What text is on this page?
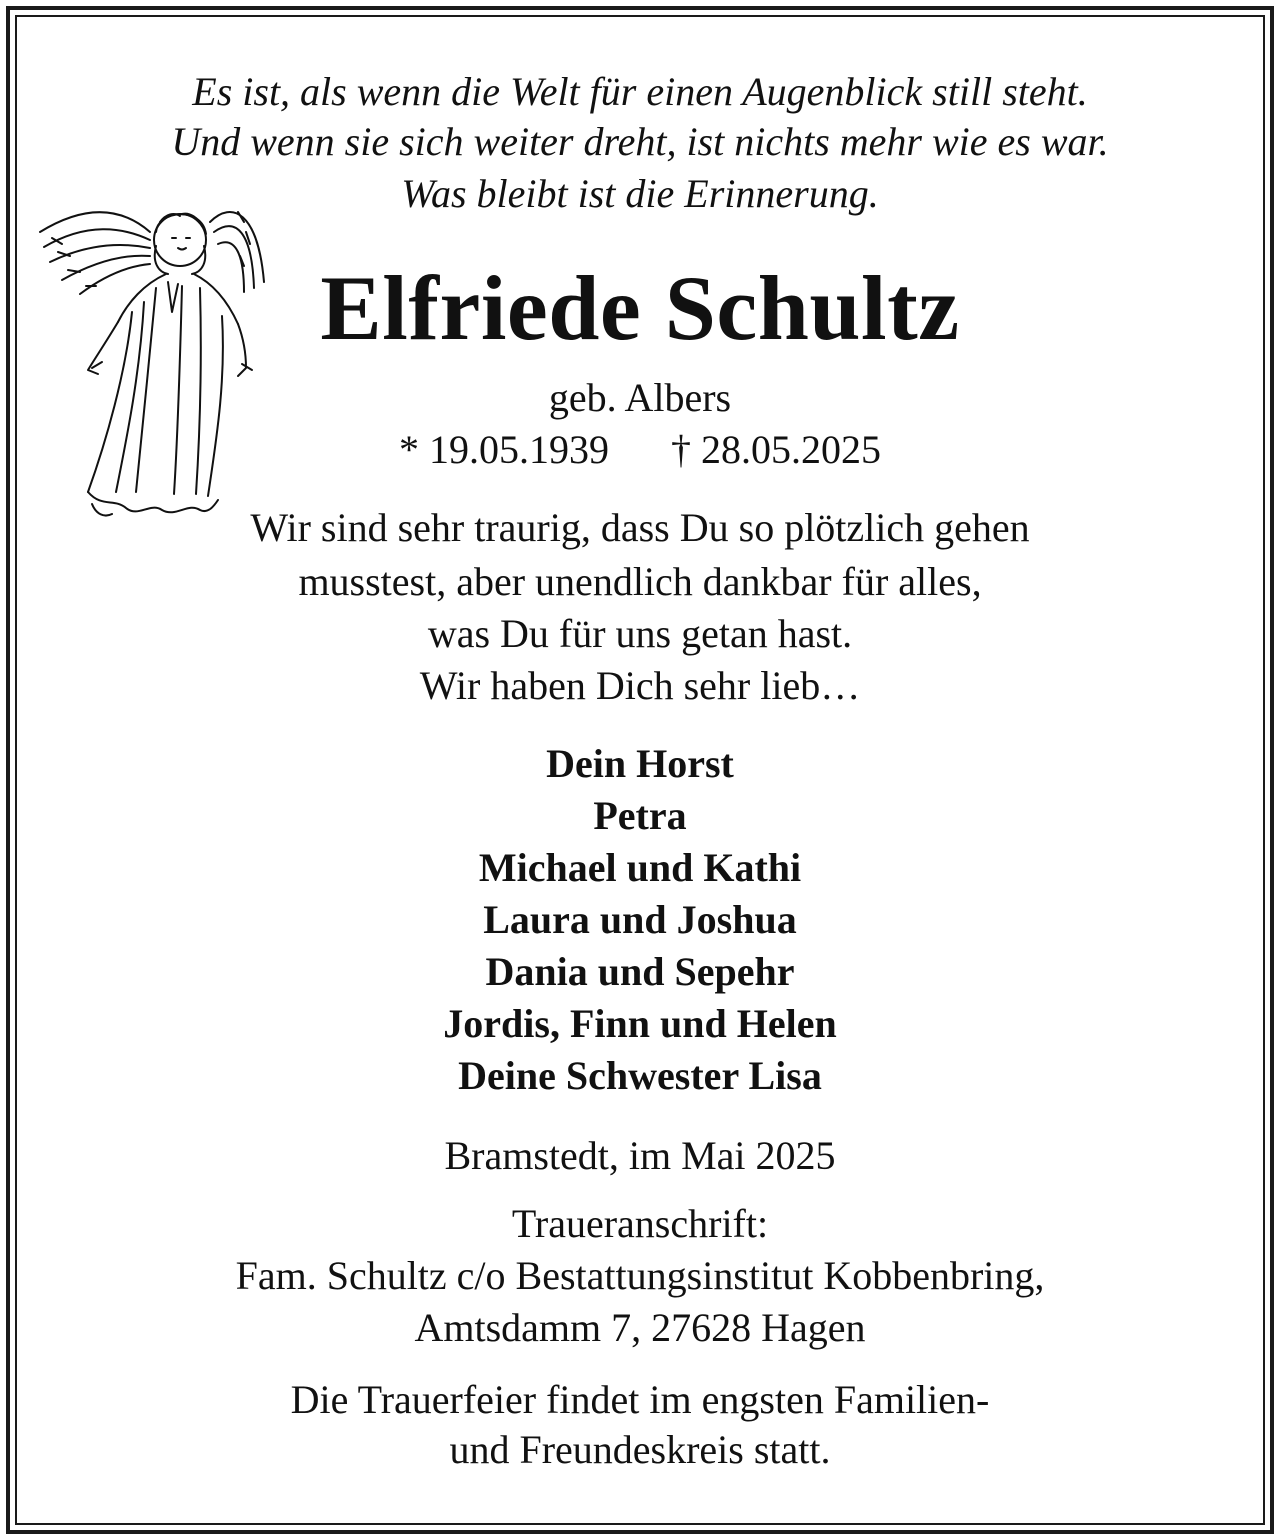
Es ist, als wenn die Welt für einen Augenblick still steht.

Und wenn sie sich weiter dreht, ist nichts mehr wie es war.

Was bleibt ist die Erinnerung.

Elfriede Schultz

geb. Albers

* 19.05.1939 † 28.05.2025

Wir sind sehr traurig, dass Du so plötzlich gehen

musstest, aber unendlich dankbar für alles,

was Du für uns getan hast.

Wir haben Dich sehr lieb…

Dein Horst

Petra

Michael und Kathi

Laura und Joshua

Dania und Sepehr

Jordis, Finn und Helen

Deine Schwester Lisa

Bramstedt, im Mai 2025

Traueranschrift:

Fam. Schultz c/o Bestattungsinstitut Kobbenbring,

Amtsdamm 7, 27628 Hagen

Die Trauerfeier findet im engsten Familien-

und Freundeskreis statt.
